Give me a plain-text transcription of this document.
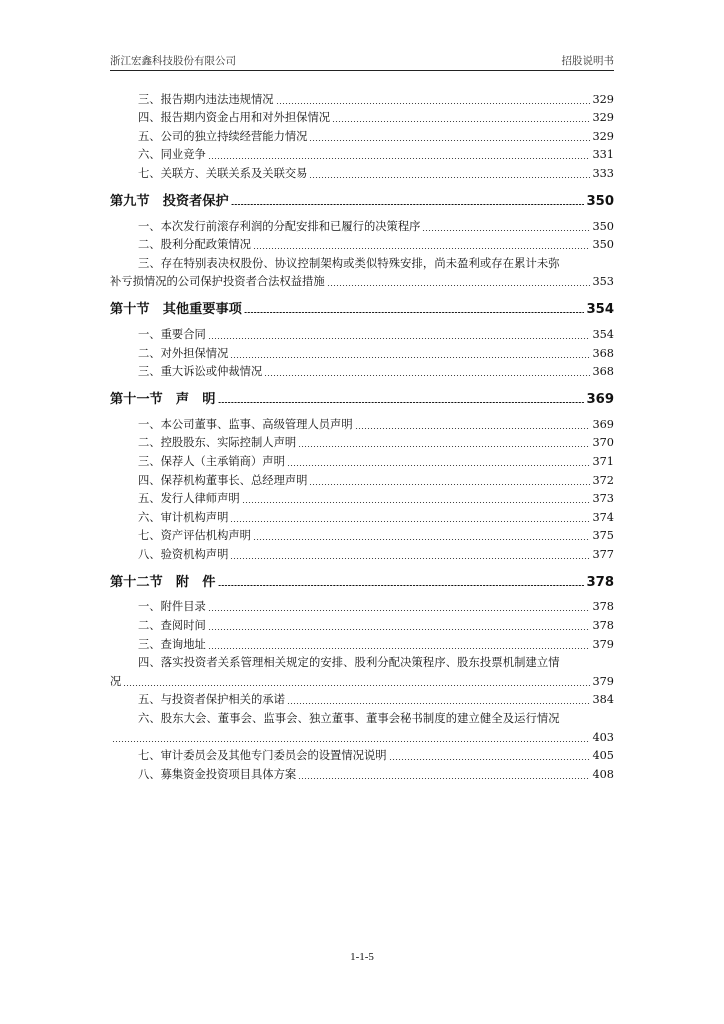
浙江宏鑫科技股份有限公司	招股说明书
三、报告期内违法违规情况	329
四、报告期内资金占用和对外担保情况	329
五、公司的独立持续经营能力情况	329
六、同业竞争	331
七、关联方、关联关系及关联交易	333
第九节　投资者保护	350
一、本次发行前滚存利润的分配安排和已履行的决策程序	350
二、股利分配政策情况	350
三、存在特别表决权股份、协议控制架构或类似特殊安排，尚未盈利或存在累计未弥
补亏损情况的公司保护投资者合法权益措施	353
第十节　其他重要事项	354
一、重要合同	354
二、对外担保情况	368
三、重大诉讼或仲裁情况	368
第十一节　声　明	369
一、本公司董事、监事、高级管理人员声明	369
二、控股股东、实际控制人声明	370
三、保荐人（主承销商）声明	371
四、保荐机构董事长、总经理声明	372
五、发行人律师声明	373
六、审计机构声明	374
七、资产评估机构声明	375
八、验资机构声明	377
第十二节　附　件	378
一、附件目录	378
二、查阅时间	378
三、查询地址	379
四、落实投资者关系管理相关规定的安排、股利分配决策程序、股东投票机制建立情
况	379
五、与投资者保护相关的承诺	384
六、股东大会、董事会、监事会、独立董事、董事会秘书制度的建立健全及运行情况
403
七、审计委员会及其他专门委员会的设置情况说明	405
八、募集资金投资项目具体方案	408
1-1-5
